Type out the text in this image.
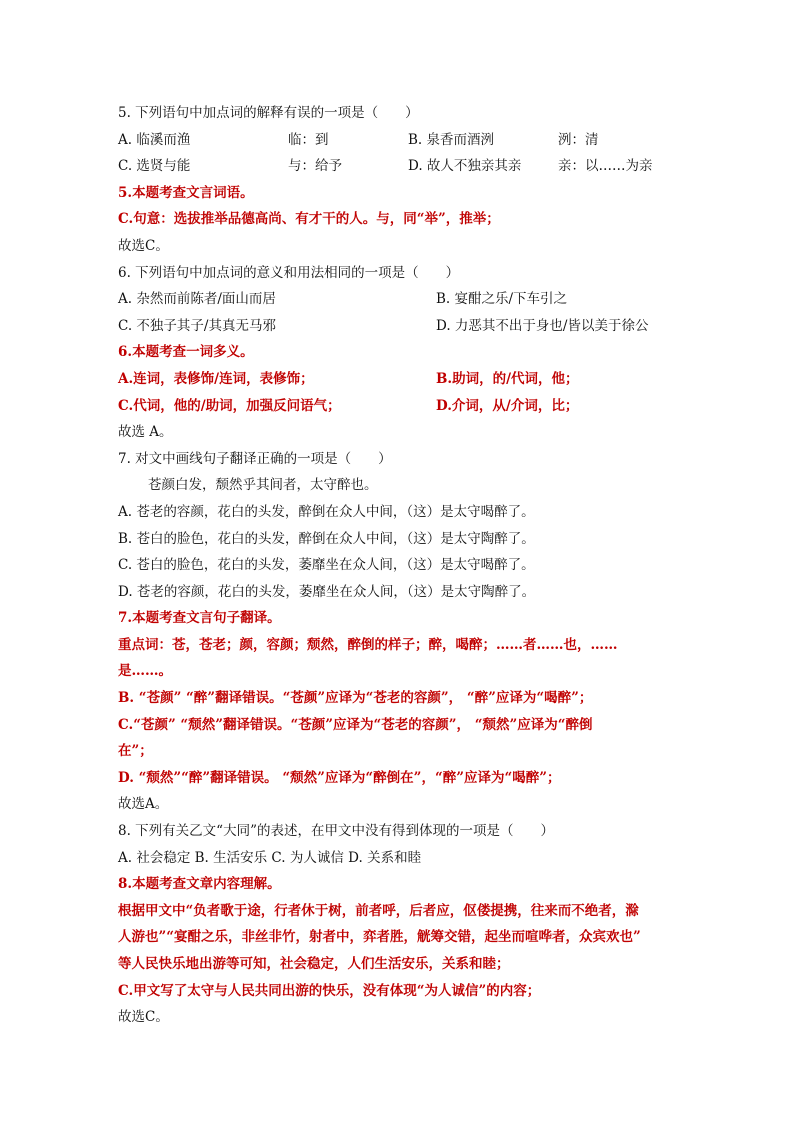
5. 下列语句中加点词的解释有误的一项是（　　）
A. 临溪而渔	临：到	B. 泉香而酒洌	洌：清
C. 选贤与能	与：给予	D. 故人不独亲其亲	亲：以……为亲
5.本题考查文言词语。
C.句意：选拔推举品德高尚、有才干的人。与，同“举”，推举；
故选C。
6. 下列语句中加点词的意义和用法相同的一项是（　　）
A. 杂然而前陈者/面山而居	B. 宴酣之乐/下车引之
C. 不独子其子/其真无马邪	D. 力恶其不出于身也/皆以美于徐公
6.本题考查一词多义。
A.连词，表修饰/连词，表修饰；	B.助词，的/代词，他；
C.代词，他的/助词，加强反问语气；	D.介词，从/介词，比；
故选 A。
7. 对文中画线句子翻译正确的一项是（　　）
苍颜白发，颓然乎其间者，太守醉也。
A. 苍老的容颜，花白的头发，醉倒在众人中间，（这）是太守喝醉了。
B. 苍白的脸色，花白的头发，醉倒在众人中间，（这）是太守陶醉了。
C. 苍白的脸色，花白的头发，萎靡坐在众人间，（这）是太守喝醉了。
D. 苍老的容颜，花白的头发，萎靡坐在众人间，（这）是太守陶醉了。
7.本题考查文言句子翻译。
重点词：苍，苍老；颜，容颜；颓然，醉倒的样子；醉，喝醉；……者……也，……
是……。
B. “苍颜” “醉”翻译错误。“苍颜”应译为“苍老的容颜”， “醉”应译为“喝醉”；
C.“苍颜” “颓然”翻译错误。“苍颜”应译为“苍老的容颜”， “颓然”应译为“醉倒
在”；
D. “颓然”“醉”翻译错误。 “颓然”应译为“醉倒在”，“醉”应译为“喝醉”；
故选A。
8. 下列有关乙文“大同”的表述，在甲文中没有得到体现的一项是（　　）
A. 社会稳定 B. 生活安乐 C. 为人诚信 D. 关系和睦
8.本题考查文章内容理解。
根据甲文中“负者歌于途，行者休于树，前者呼，后者应，伛偻提携，往来而不绝者，滁
人游也”“宴酣之乐，非丝非竹，射者中，弈者胜，觥筹交错，起坐而喧哗者，众宾欢也”
等人民快乐地出游等可知，社会稳定，人们生活安乐，关系和睦；
C.甲文写了太守与人民共同出游的快乐，没有体现“为人诚信”的内容；
故选C。
